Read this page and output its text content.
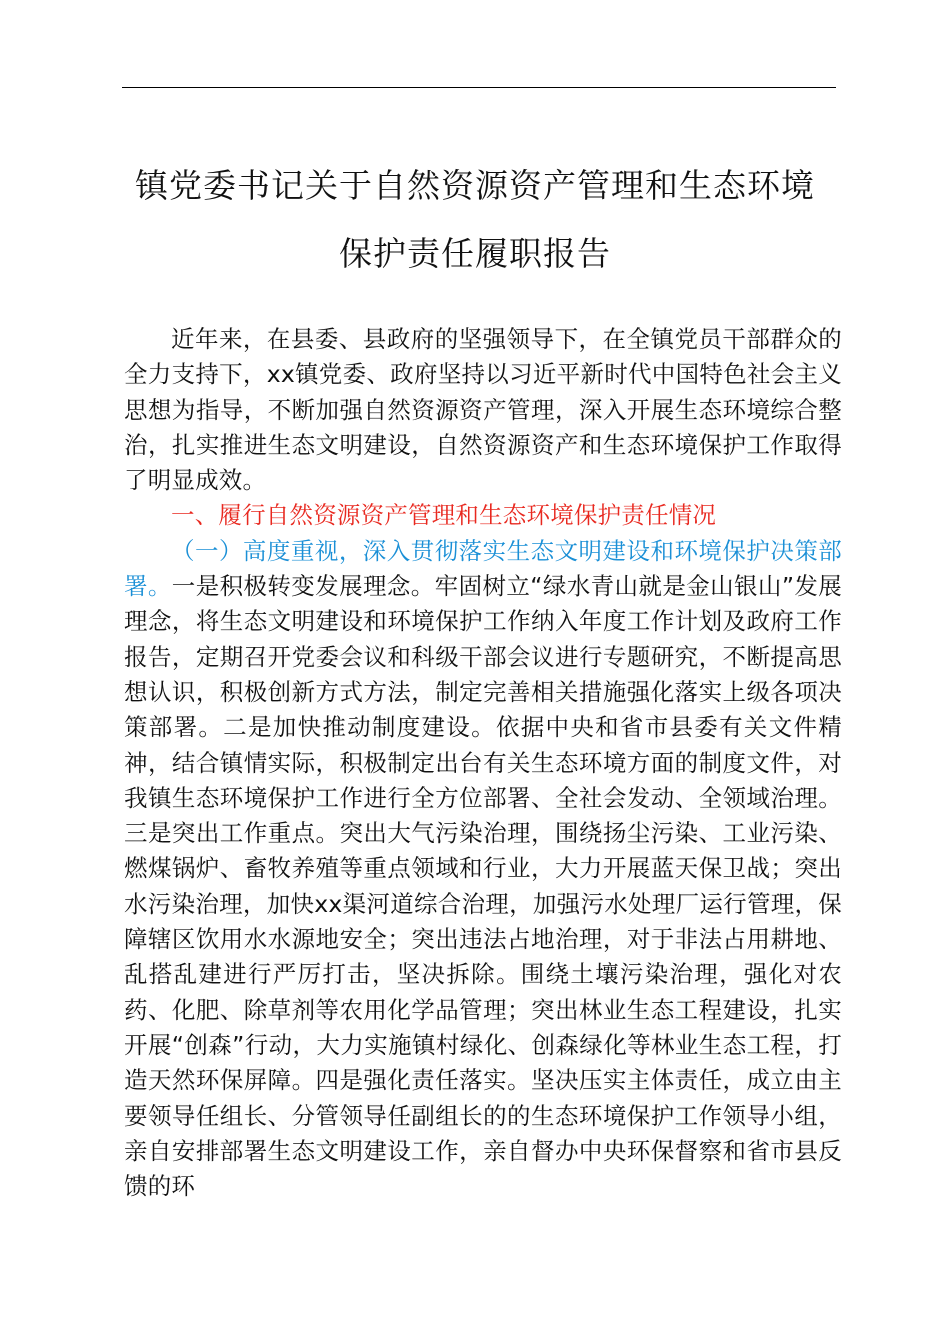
镇党委书记关于自然资源资产管理和生态环境
保护责任履职报告

近年来，在县委、县政府的坚强领导下，在全镇党员干部群众的全力支持下，xx镇党委、政府坚持以习近平新时代中国特色社会主义思想为指导，不断加强自然资源资产管理，深入开展生态环境综合整治，扎实推进生态文明建设，自然资源资产和生态环境保护工作取得了明显成效。

一、履行自然资源资产管理和生态环境保护责任情况

（一）高度重视，深入贯彻落实生态文明建设和环境保护决策部署。一是积极转变发展理念。牢固树立“绿水青山就是金山银山”发展理念，将生态文明建设和环境保护工作纳入年度工作计划及政府工作报告，定期召开党委会议和科级干部会议进行专题研究，不断提高思想认识，积极创新方式方法，制定完善相关措施强化落实上级各项决策部署。二是加快推动制度建设。依据中央和省市县委有关文件精神，结合镇情实际，积极制定出台有关生态环境方面的制度文件，对我镇生态环境保护工作进行全方位部署、全社会发动、全领域治理。三是突出工作重点。突出大气污染治理，围绕扬尘污染、工业污染、燃煤锅炉、畜牧养殖等重点领域和行业，大力开展蓝天保卫战；突出水污染治理，加快xx渠河道综合治理，加强污水处理厂运行管理，保障辖区饮用水水源地安全；突出违法占地治理，对于非法占用耕地、乱搭乱建进行严厉打击，坚决拆除。围绕土壤污染治理，强化对农药、化肥、除草剂等农用化学品管理；突出林业生态工程建设，扎实开展“创森”行动，大力实施镇村绿化、创森绿化等林业生态工程，打造天然环保屏障。四是强化责任落实。坚决压实主体责任，成立由主要领导任组长、分管领导任副组长的的生态环境保护工作领导小组，亲自安排部署生态文明建设工作，亲自督办中央环保督察和省市县反馈的环
